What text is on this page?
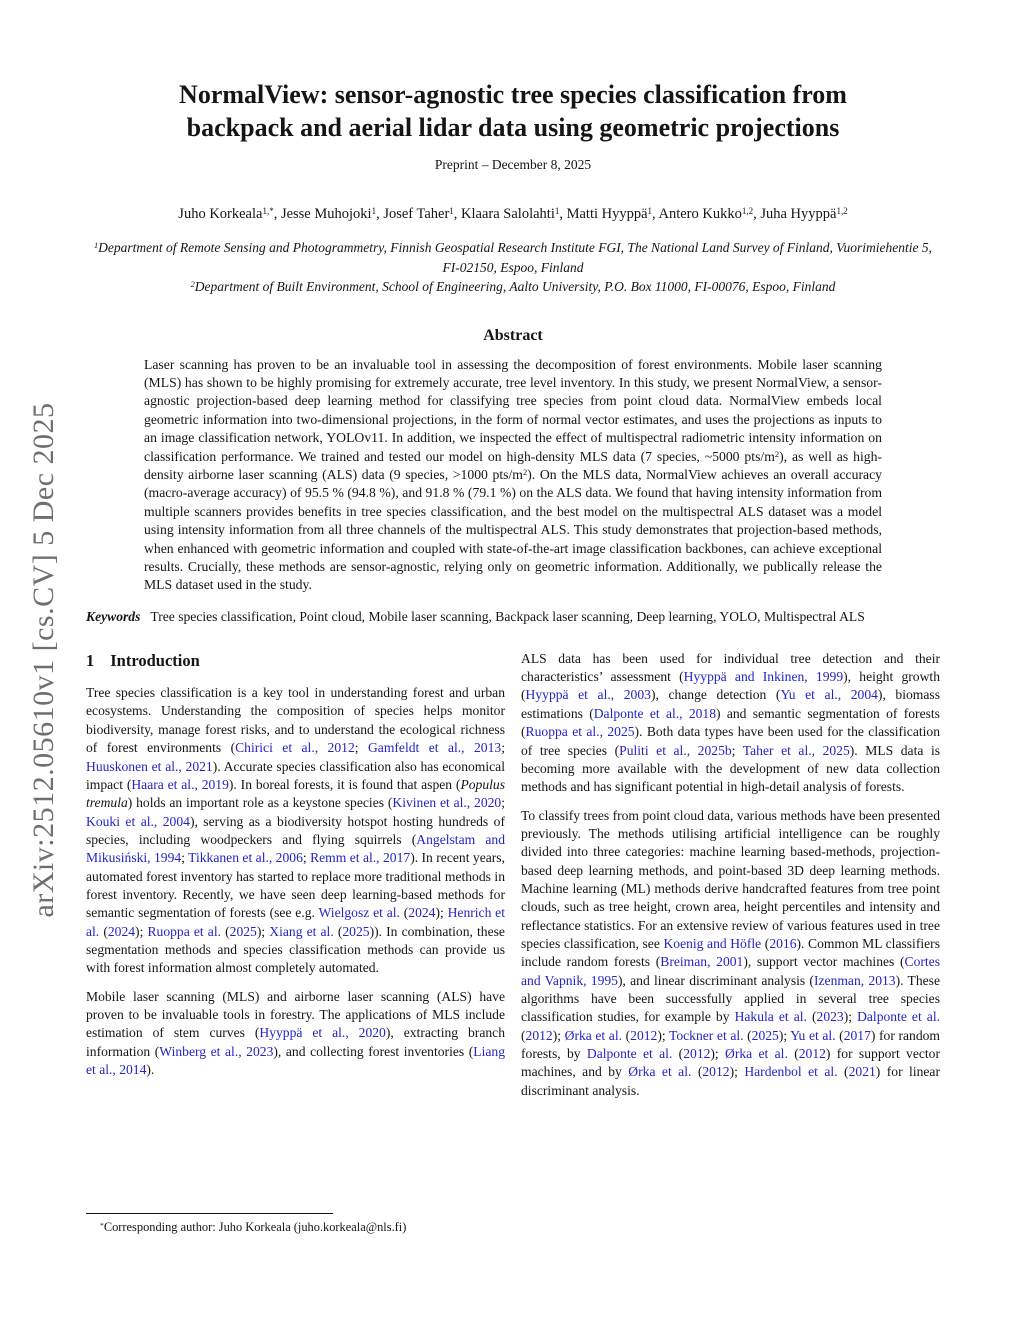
arXiv:2512.05610v1 [cs.CV] 5 Dec 2025
NormalView: sensor-agnostic tree species classification from
backpack and aerial lidar data using geometric projections
Preprint – December 8, 2025
Juho Korkeala$^{1,*}$, Jesse Muhojoki$^1$, Josef Taher$^1$, Klaara Salolahti$^1$, Matti Hyyppä$^1$, Antero Kukko$^{1,2}$, Juha Hyyppä$^{1,2}$
$^1$Department of Remote Sensing and Photogrammetry, Finnish Geospatial Research Institute FGI, The National Land Survey of Finland, Vuorimiehentie 5, FI-02150, Espoo, Finland
$^2$Department of Built Environment, School of Engineering, Aalto University, P.O. Box 11000, FI-00076, Espoo, Finland
Abstract
Laser scanning has proven to be an invaluable tool in assessing the decomposition of forest environments. Mobile laser scanning (MLS) has shown to be highly promising for extremely accurate, tree level inventory. In this study, we present NormalView, a sensor-agnostic projection-based deep learning method for classifying tree species from point cloud data. NormalView embeds local geometric information into two-dimensional projections, in the form of normal vector estimates, and uses the projections as inputs to an image classification network, YOLOv11. In addition, we inspected the effect of multispectral radiometric intensity information on classification performance. We trained and tested our model on high-density MLS data (7 species, ~5000 pts/$m^2$), as well as high-density airborne laser scanning (ALS) data (9 species, >1000 pts/$m^2$). On the MLS data, NormalView achieves an overall accuracy (macro-average accuracy) of 95.5 % (94.8 %), and 91.8 % (79.1 %) on the ALS data. We found that having intensity information from multiple scanners provides benefits in tree species classification, and the best model on the multispectral ALS dataset was a model using intensity information from all three channels of the multispectral ALS. This study demonstrates that projection-based methods, when enhanced with geometric information and coupled with state-of-the-art image classification backbones, can achieve exceptional results. Crucially, these methods are sensor-agnostic, relying only on geometric information. Additionally, we publically release the MLS dataset used in the study.
Keywords Tree species classification, Point cloud, Mobile laser scanning, Backpack laser scanning, Deep learning, YOLO, Multispectral ALS
1 Introduction

Tree species classification is a key tool in understanding forest and urban ecosystems. Understanding the composition of species helps monitor biodiversity, manage forest risks, and to understand the ecological richness of forest environments (Chirici et al., 2012; Gamfeldt et al., 2013; Huuskonen et al., 2021). Accurate species classification also has economical impact (Haara et al., 2019). In boreal forests, it is found that aspen (Populus tremula) holds an important role as a keystone species (Kivinen et al., 2020; Kouki et al., 2004), serving as a biodiversity hotspot hosting hundreds of species, including woodpeckers and flying squirrels (Angelstam and Mikusiński, 1994; Tikkanen et al., 2006; Remm et al., 2017). In recent years, automated forest inventory has started to replace more traditional methods in forest inventory. Recently, we have seen deep learning-based methods for semantic segmentation of forests (see e.g. Wielgosz et al. (2024); Henrich et al. (2024); Ruoppa et al. (2025); Xiang et al. (2025)). In combination, these segmentation methods and species classification methods can provide us with forest information almost completely automated.

Mobile laser scanning (MLS) and airborne laser scanning (ALS) have proven to be invaluable tools in forestry. The applications of MLS include estimation of stem curves (Hyyppä et al., 2020), extracting branch information (Winberg et al., 2023), and collecting forest inventories (Liang et al., 2014).

ALS data has been used for individual tree detection and their characteristics’ assessment (Hyyppä and Inkinen, 1999), height growth (Hyyppä et al., 2003), change detection (Yu et al., 2004), biomass estimations (Dalponte et al., 2018) and semantic segmentation of forests (Ruoppa et al., 2025). Both data types have been used for the classification of tree species (Puliti et al., 2025b; Taher et al., 2025). MLS data is becoming more available with the development of new data collection methods and has significant potential in high-detail analysis of forests.

To classify trees from point cloud data, various methods have been presented previously. The methods utilising artificial intelligence can be roughly divided into three categories: machine learning based-methods, projection-based deep learning methods, and point-based 3D deep learning methods. Machine learning (ML) methods derive handcrafted features from tree point clouds, such as tree height, crown area, height percentiles and intensity and reflectance statistics. For an extensive review of various features used in tree species classification, see Koenig and Höfle (2016). Common ML classifiers include random forests (Breiman, 2001), support vector machines (Cortes and Vapnik, 1995), and linear discriminant analysis (Izenman, 2013). These algorithms have been successfully applied in several tree species classification studies, for example by Hakula et al. (2023); Dalponte et al. (2012); Ørka et al. (2012); Tockner et al. (2025); Yu et al. (2017) for random forests, by Dalponte et al. (2012); Ørka et al. (2012) for support vector machines, and by Ørka et al. (2012); Hardenbol et al. (2021) for linear discriminant analysis.

*Corresponding author: Juho Korkeala (juho.korkeala@nls.fi)
